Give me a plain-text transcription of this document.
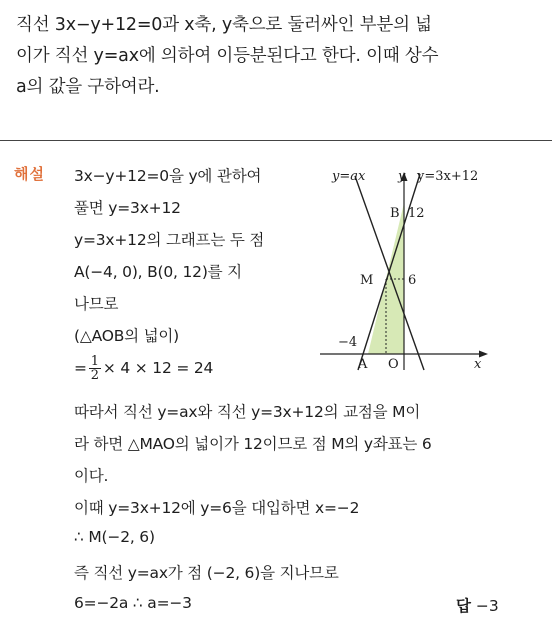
직선 3x−y+12=0과 x축, y축으로 둘러싸인 부분의 넓
이가 직선 y=ax에 의하여 이등분된다고 한다. 이때 상수
a의 값을 구하여라.
해설 3x−y+12=0을 y에 관하여
풀면 y=3x+12
y=3x+12의 그래프는 두 점
A(−4, 0), B(0, 12)를 지
나므로
(△AOB의 넓이)
= $\frac{1}{2} \times 4 \times 12 = 24$
따라서 직선 y=ax와 직선 y=3x+12의 교점을 M이
라 하면 △MAO의 넓이가 12이므로 점 M의 y좌표는 6
이다.
이때 y=3x+12에 y=6을 대입하면 x=−2
∴ M(−2, 6)
즉 직선 y=ax가 점 (−2, 6)을 지나므로
6=−2a ∴ a=−3	답 −3
y=ax	y y=3x+12
B 12
M	6
−4
A O	x
